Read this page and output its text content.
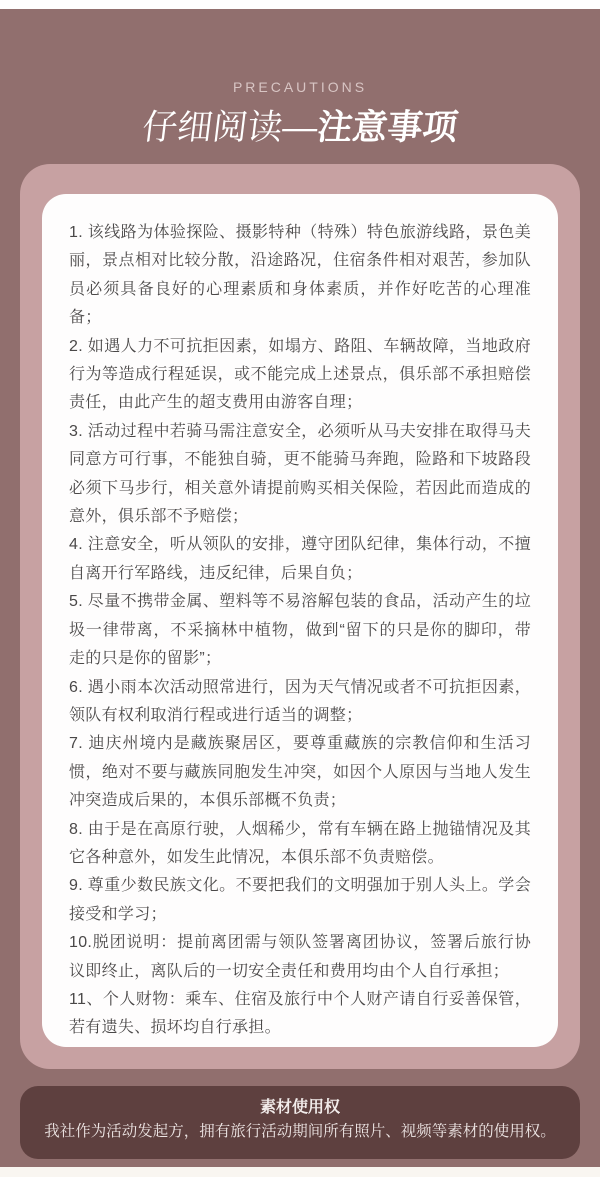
PRECAUTIONS
仔细阅读—注意事项

1. 该线路为体验探险、摄影特种（特殊）特色旅游线路，景色美丽，景点相对比较分散，沿途路况，住宿条件相对艰苦，参加队员必须具备良好的心理素质和身体素质，并作好吃苦的心理准备；

2. 如遇人力不可抗拒因素，如塌方、路阻、车辆故障，当地政府行为等造成行程延误，或不能完成上述景点，俱乐部不承担赔偿责任，由此产生的超支费用由游客自理；

3. 活动过程中若骑马需注意安全，必须听从马夫安排在取得马夫同意方可行事，不能独自骑，更不能骑马奔跑，险路和下坡路段必须下马步行，相关意外请提前购买相关保险，若因此而造成的意外，俱乐部不予赔偿；

4. 注意安全，听从领队的安排，遵守团队纪律，集体行动，不擅自离开行军路线，违反纪律，后果自负；

5. 尽量不携带金属、塑料等不易溶解包装的食品，活动产生的垃圾一律带离，不采摘林中植物，做到“留下的只是你的脚印，带走的只是你的留影”；

6. 遇小雨本次活动照常进行，因为天气情况或者不可抗拒因素，领队有权利取消行程或进行适当的调整；

7. 迪庆州境内是藏族聚居区，要尊重藏族的宗教信仰和生活习惯，绝对不要与藏族同胞发生冲突，如因个人原因与当地人发生冲突造成后果的，本俱乐部概不负责；

8. 由于是在高原行驶，人烟稀少，常有车辆在路上抛锚情况及其它各种意外，如发生此情况，本俱乐部不负责赔偿。

9. 尊重少数民族文化。不要把我们的文明强加于别人头上。学会接受和学习；

10.脱团说明：提前离团需与领队签署离团协议，签署后旅行协议即终止，离队后的一切安全责任和费用均由个人自行承担；

11、个人财物：乘车、住宿及旅行中个人财产请自行妥善保管，若有遗失、损坏均自行承担。

素材使用权
我社作为活动发起方，拥有旅行活动期间所有照片、视频等素材的使用权。
